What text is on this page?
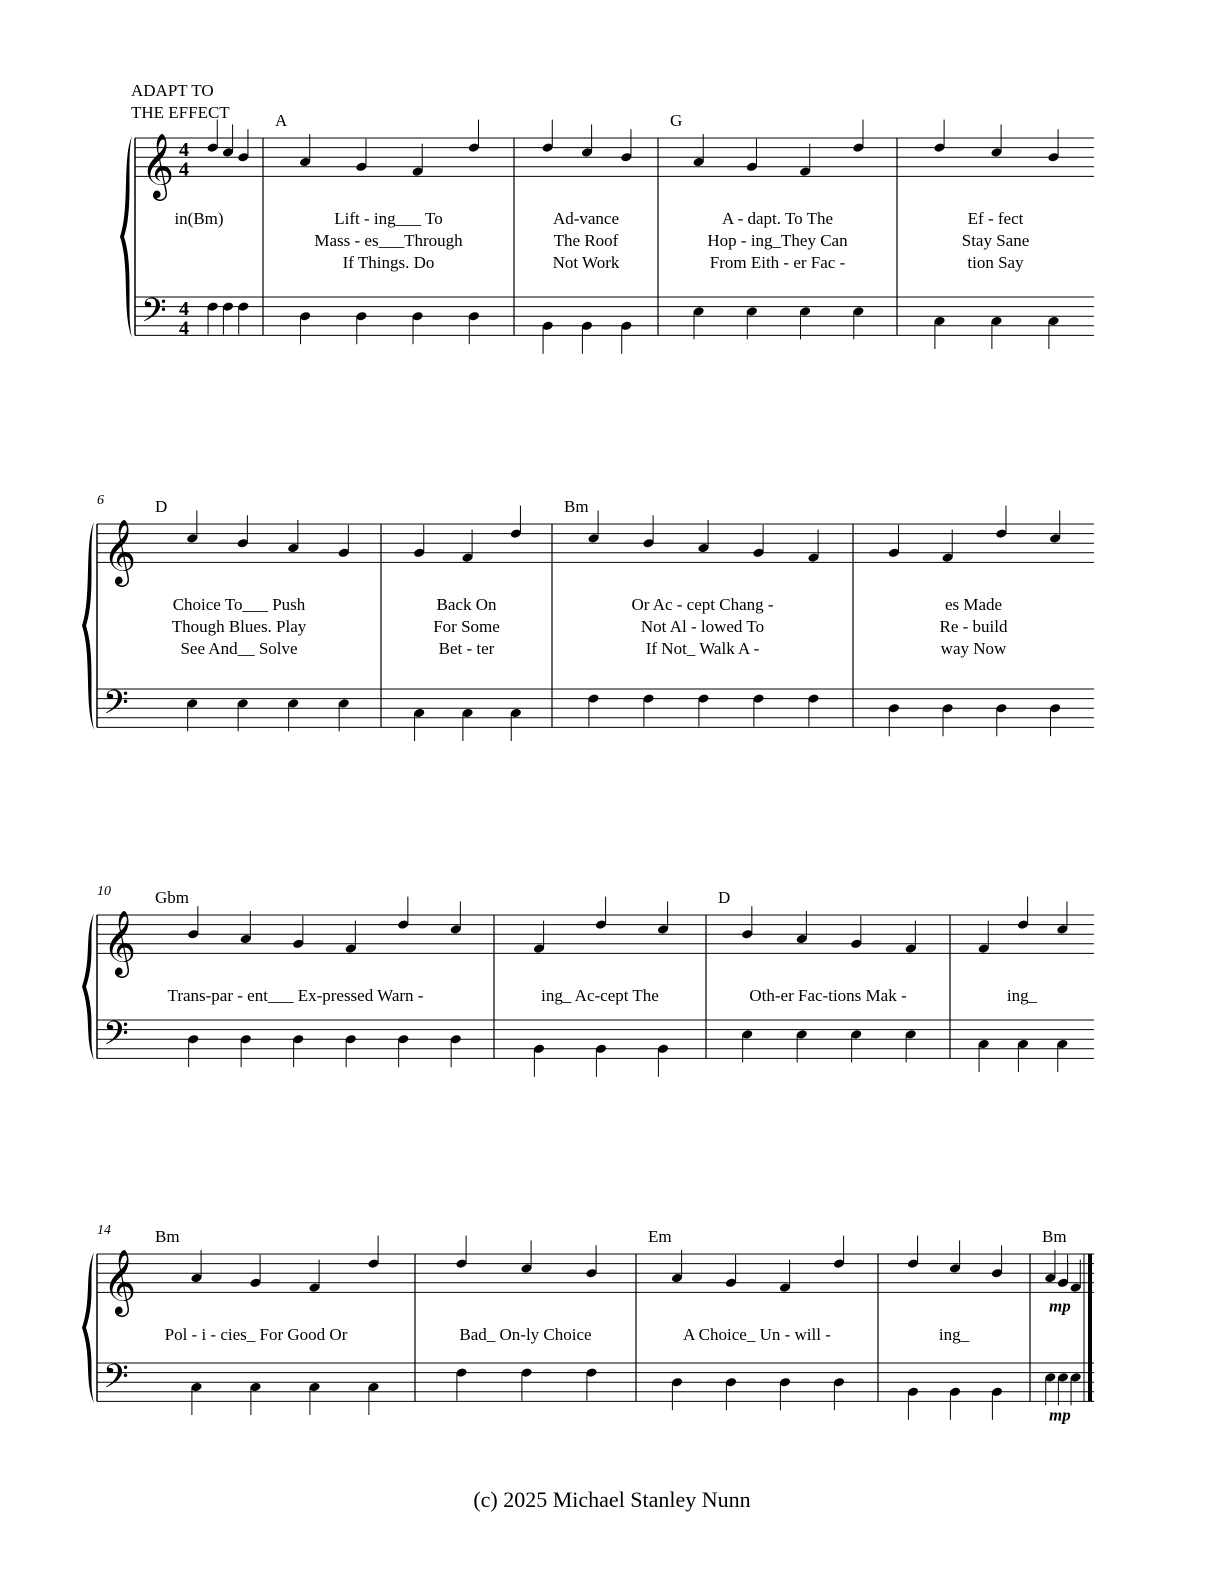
ADAPT TO
THE EFFECT
𝄞
𝄢
4
4
4
4
in(Bm)
A
Lift - ing___ To
Mass - es___Through
If Things. Do
Ad-vance
The Roof
Not Work
G
A - dapt. To The
Hop - ing_They Can
From Eith - er Fac -
Ef - fect
Stay Sane
tion Say
𝄞
𝄢
6	D
Choice To___ Push
Though Blues. Play
See And__ Solve
Back On
For Some
Bet - ter
Bm
Or Ac - cept Chang -
Not Al - lowed To
If Not_ Walk A -
es Made
Re - build
way Now
𝄞
𝄢
10	Gbm
Trans-par - ent___ Ex-pressed Warn -	ing_ Ac-cept The
D
Oth-er Fac-tions Mak -	ing_
𝄞
𝄢
14	Bm
Pol - i - cies_ For Good Or	Bad_ On-ly Choice
Em
A Choice_ Un - will -	ing_
Bm
mp
mp
(c) 2025 Michael Stanley Nunn
